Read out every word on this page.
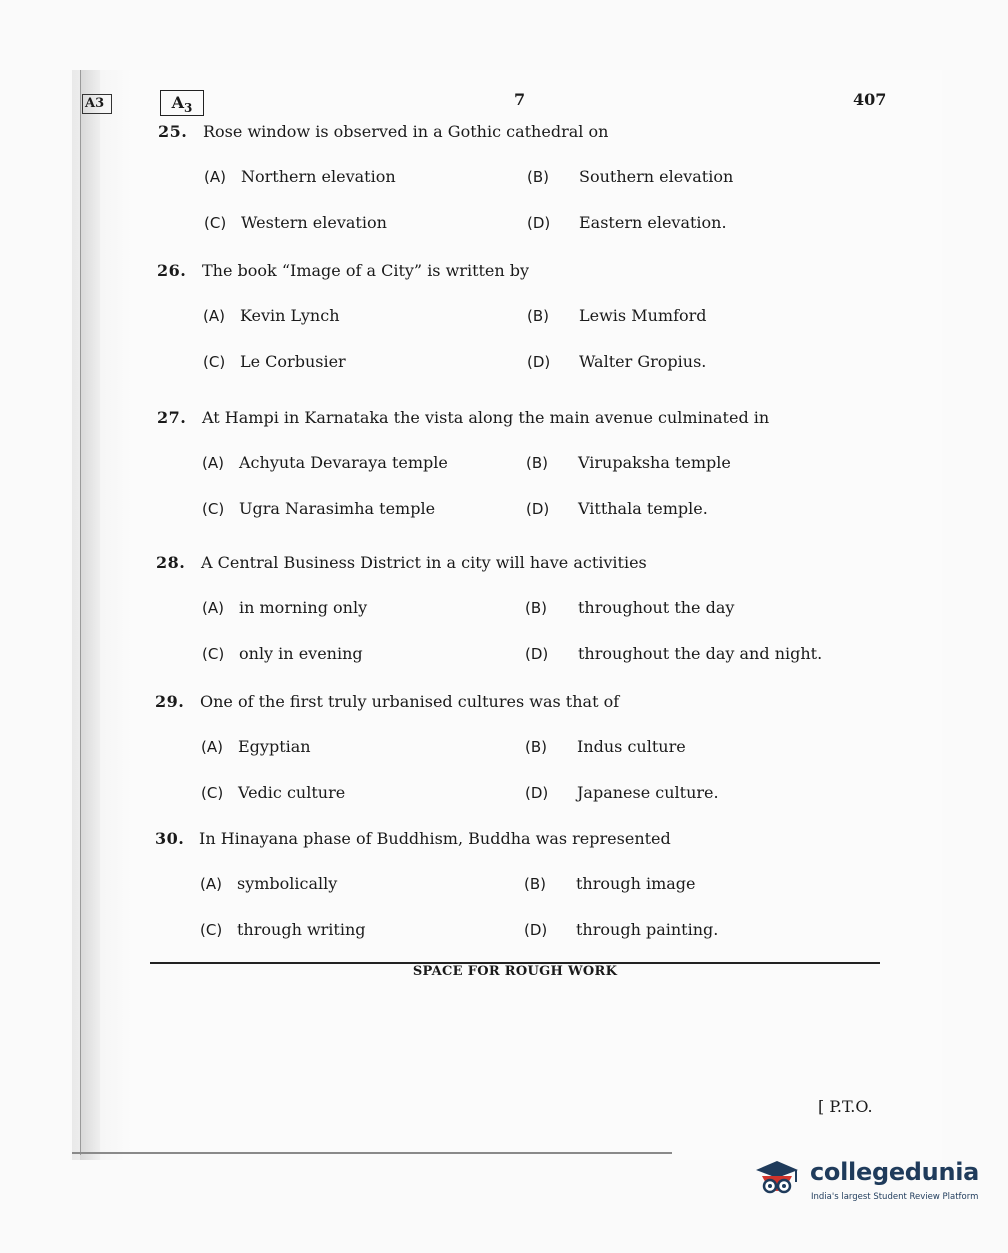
A3	$A_3$	7	407
25. Rose window is observed in a Gothic cathedral on
(A) Northern elevation	(B) Southern elevation
(C) Western elevation	(D) Eastern elevation.
26. The book “Image of a City” is written by
(A) Kevin Lynch	(B) Lewis Mumford
(C) Le Corbusier	(D) Walter Gropius.
27. At Hampi in Karnataka the vista along the main avenue culminated in
(A) Achyuta Devaraya temple	(B) Virupaksha temple
(C) Ugra Narasimha temple	(D) Vitthala temple.
28. A Central Business District in a city will have activities
(A) in morning only	(B) throughout the day
(C) only in evening	(D) throughout the day and night.
29. One of the first truly urbanised cultures was that of
(A) Egyptian	(B) Indus culture
(C) Vedic culture	(D) Japanese culture.
30. In Hinayana phase of Buddhism, Buddha was represented
(A) symbolically	(B) through image
(C) through writing	(D) through painting.
SPACE FOR ROUGH WORK
[ P.T.O.
collegedunia
India's largest Student Review Platform
